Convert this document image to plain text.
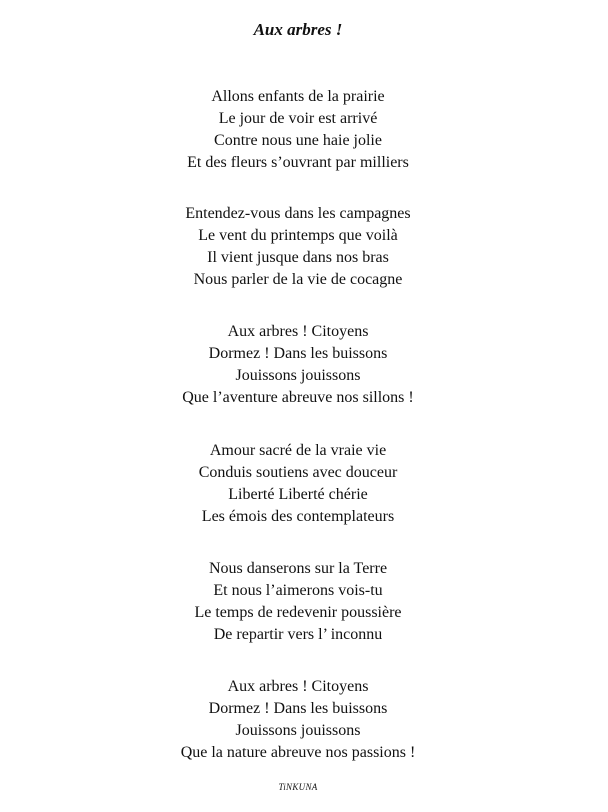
Aux arbres !
Allons enfants de la prairie
Le jour de voir est arrivé
Contre nous une haie jolie
Et des fleurs s’ouvrant par milliers
Entendez-vous dans les campagnes
Le vent du printemps que voilà
Il vient jusque dans nos bras
Nous parler de la vie de cocagne
Aux arbres ! Citoyens
Dormez ! Dans les buissons
Jouissons jouissons
Que l’aventure abreuve nos sillons !
Amour sacré de la vraie vie
Conduis soutiens avec douceur
Liberté Liberté chérie
Les émois des contemplateurs
Nous danserons sur la Terre
Et nous l’aimerons vois-tu
Le temps de redevenir poussière
De repartir vers l’ inconnu
Aux arbres ! Citoyens
Dormez ! Dans les buissons
Jouissons jouissons
Que la nature abreuve nos passions !
TiNKUNA
